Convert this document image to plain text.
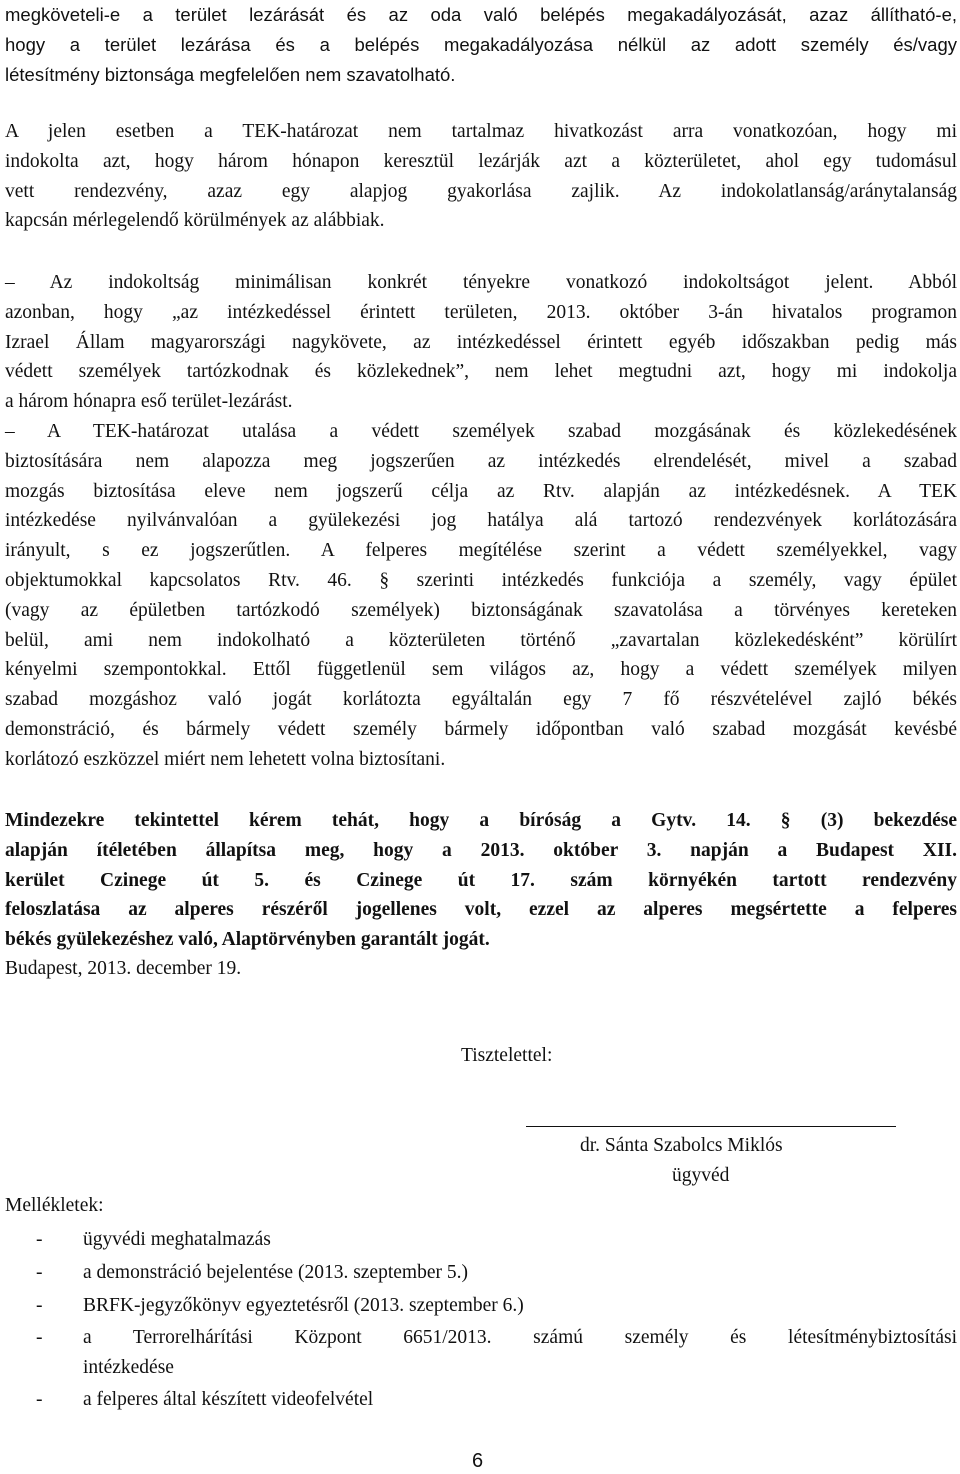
megköveteli-e a terület lezárását és az oda való belépés megakadályozását, azaz állítható-e,
hogy a terület lezárása és a belépés megakadályozása nélkül az adott személy és/vagy
létesítmény biztonsága megfelelően nem szavatolható.
A jelen esetben a TEK-határozat nem tartalmaz hivatkozást arra vonatkozóan, hogy mi
indokolta azt, hogy három hónapon keresztül lezárják azt a közterületet, ahol egy tudomásul
vett rendezvény, azaz egy alapjog gyakorlása zajlik. Az indokolatlanság/aránytalanság
kapcsán mérlegelendő körülmények az alábbiak.
– Az indokoltság minimálisan konkrét tényekre vonatkozó indokoltságot jelent. Abból
azonban, hogy „az intézkedéssel érintett területen, 2013. október 3-án hivatalos programon
Izrael Állam magyarországi nagykövete, az intézkedéssel érintett egyéb időszakban pedig más
védett személyek tartózkodnak és közlekednek”, nem lehet megtudni azt, hogy mi indokolja
a három hónapra eső terület-lezárást.
– A TEK-határozat utalása a védett személyek szabad mozgásának és közlekedésének
biztosítására nem alapozza meg jogszerűen az intézkedés elrendelését, mivel a szabad
mozgás biztosítása eleve nem jogszerű célja az Rtv. alapján az intézkedésnek. A TEK
intézkedése nyilvánvalóan a gyülekezési jog hatálya alá tartozó rendezvények korlátozására
irányult, s ez jogszerűtlen. A felperes megítélése szerint a védett személyekkel, vagy
objektumokkal kapcsolatos Rtv. 46. § szerinti intézkedés funkciója a személy, vagy épület
(vagy az épületben tartózkodó személyek) biztonságának szavatolása a törvényes kereteken
belül, ami nem indokolható a közterületen történő „zavartalan közlekedésként” körülírt
kényelmi szempontokkal. Ettől függetlenül sem világos az, hogy a védett személyek milyen
szabad mozgáshoz való jogát korlátozta egyáltalán egy 7 fő részvételével zajló békés
demonstráció, és bármely védett személy bármely időpontban való szabad mozgását kevésbé
korlátozó eszközzel miért nem lehetett volna biztosítani.
Mindezekre tekintettel kérem tehát, hogy a bíróság a Gytv. 14. § (3) bekezdése
alapján ítéletében állapítsa meg, hogy a 2013. október 3. napján a Budapest XII.
kerület Czinege út 5. és Czinege út 17. szám környékén tartott rendezvény
feloszlatása az alperes részéről jogellenes volt, ezzel az alperes megsértette a felperes
békés gyülekezéshez való, Alaptörvényben garantált jogát.
Budapest, 2013. december 19.
Tisztelettel:
dr. Sánta Szabolcs Miklós
ügyvéd
Mellékletek:
- ügyvédi meghatalmazás
- a demonstráció bejelentése (2013. szeptember 5.)
- BRFK-jegyzőkönyv egyeztetésről (2013. szeptember 6.)
- a Terrorelhárítási Központ 6651/2013. számú személy és létesítménybiztosítási
intézkedése
- a felperes által készített videofelvétel
6
